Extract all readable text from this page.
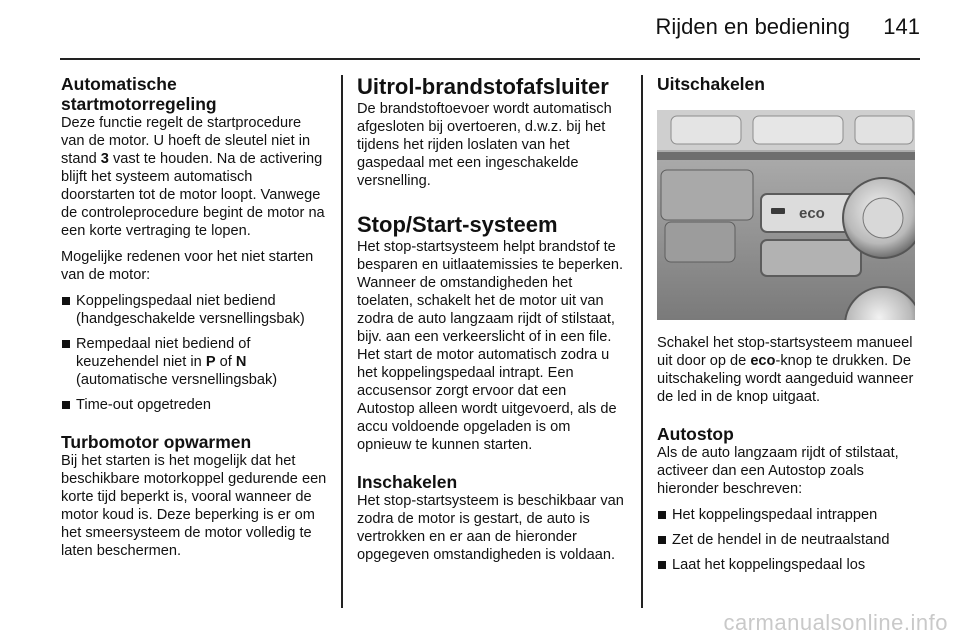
Rijden en bediening 141

Automatische
startmotorregeling

Deze functie regelt de startprocedure van de motor. U hoeft de sleutel niet in stand 3 vast te houden. Na de activering blijft het systeem automatisch doorstarten tot de motor loopt. Vanwege de controleprocedure begint de motor na een korte vertraging te lopen.

Mogelijke redenen voor het niet starten van de motor:

Koppelingspedaal niet bediend (handgeschakelde versnellingsbak)
Rempedaal niet bediend of keuzehendel niet in P of N (automatische versnellingsbak)
Time-out opgetreden

Turbomotor opwarmen

Bij het starten is het mogelijk dat het beschikbare motorkoppel gedurende een korte tijd beperkt is, vooral wanneer de motor koud is. Deze beperking is er om het smeersysteem de motor volledig te laten beschermen.

Uitrol-brandstofafsluiter

De brandstoftoevoer wordt automatisch afgesloten bij overtoeren, d.w.z. bij het tijdens het rijden loslaten van het gaspedaal met een ingeschakelde versnelling.

Stop/Start-systeem

Het stop-startsysteem helpt brandstof te besparen en uitlaatemissies te beperken. Wanneer de omstandigheden het toelaten, schakelt het de motor uit van zodra de auto langzaam rijdt of stilstaat, bijv. aan een verkeerslicht of in een file. Het start de motor automatisch zodra u het koppelingspedaal intrapt. Een accusensor zorgt ervoor dat een Autostop alleen wordt uitgevoerd, als de accu voldoende opgeladen is om opnieuw te kunnen starten.

Inschakelen

Het stop-startsysteem is beschikbaar van zodra de motor is gestart, de auto is vertrokken en er aan de hieronder opgegeven omstandigheden is voldaan.

Uitschakelen

eco

Schakel het stop-startsysteem manueel uit door op de eco-knop te drukken. De uitschakeling wordt aangeduid wanneer de led in de knop uitgaat.

Autostop

Als de auto langzaam rijdt of stilstaat, activeer dan een Autostop zoals hieronder beschreven:

Het koppelingspedaal intrappen
Zet de hendel in de neutraalstand
Laat het koppelingspedaal los
carmanualsonline.info
